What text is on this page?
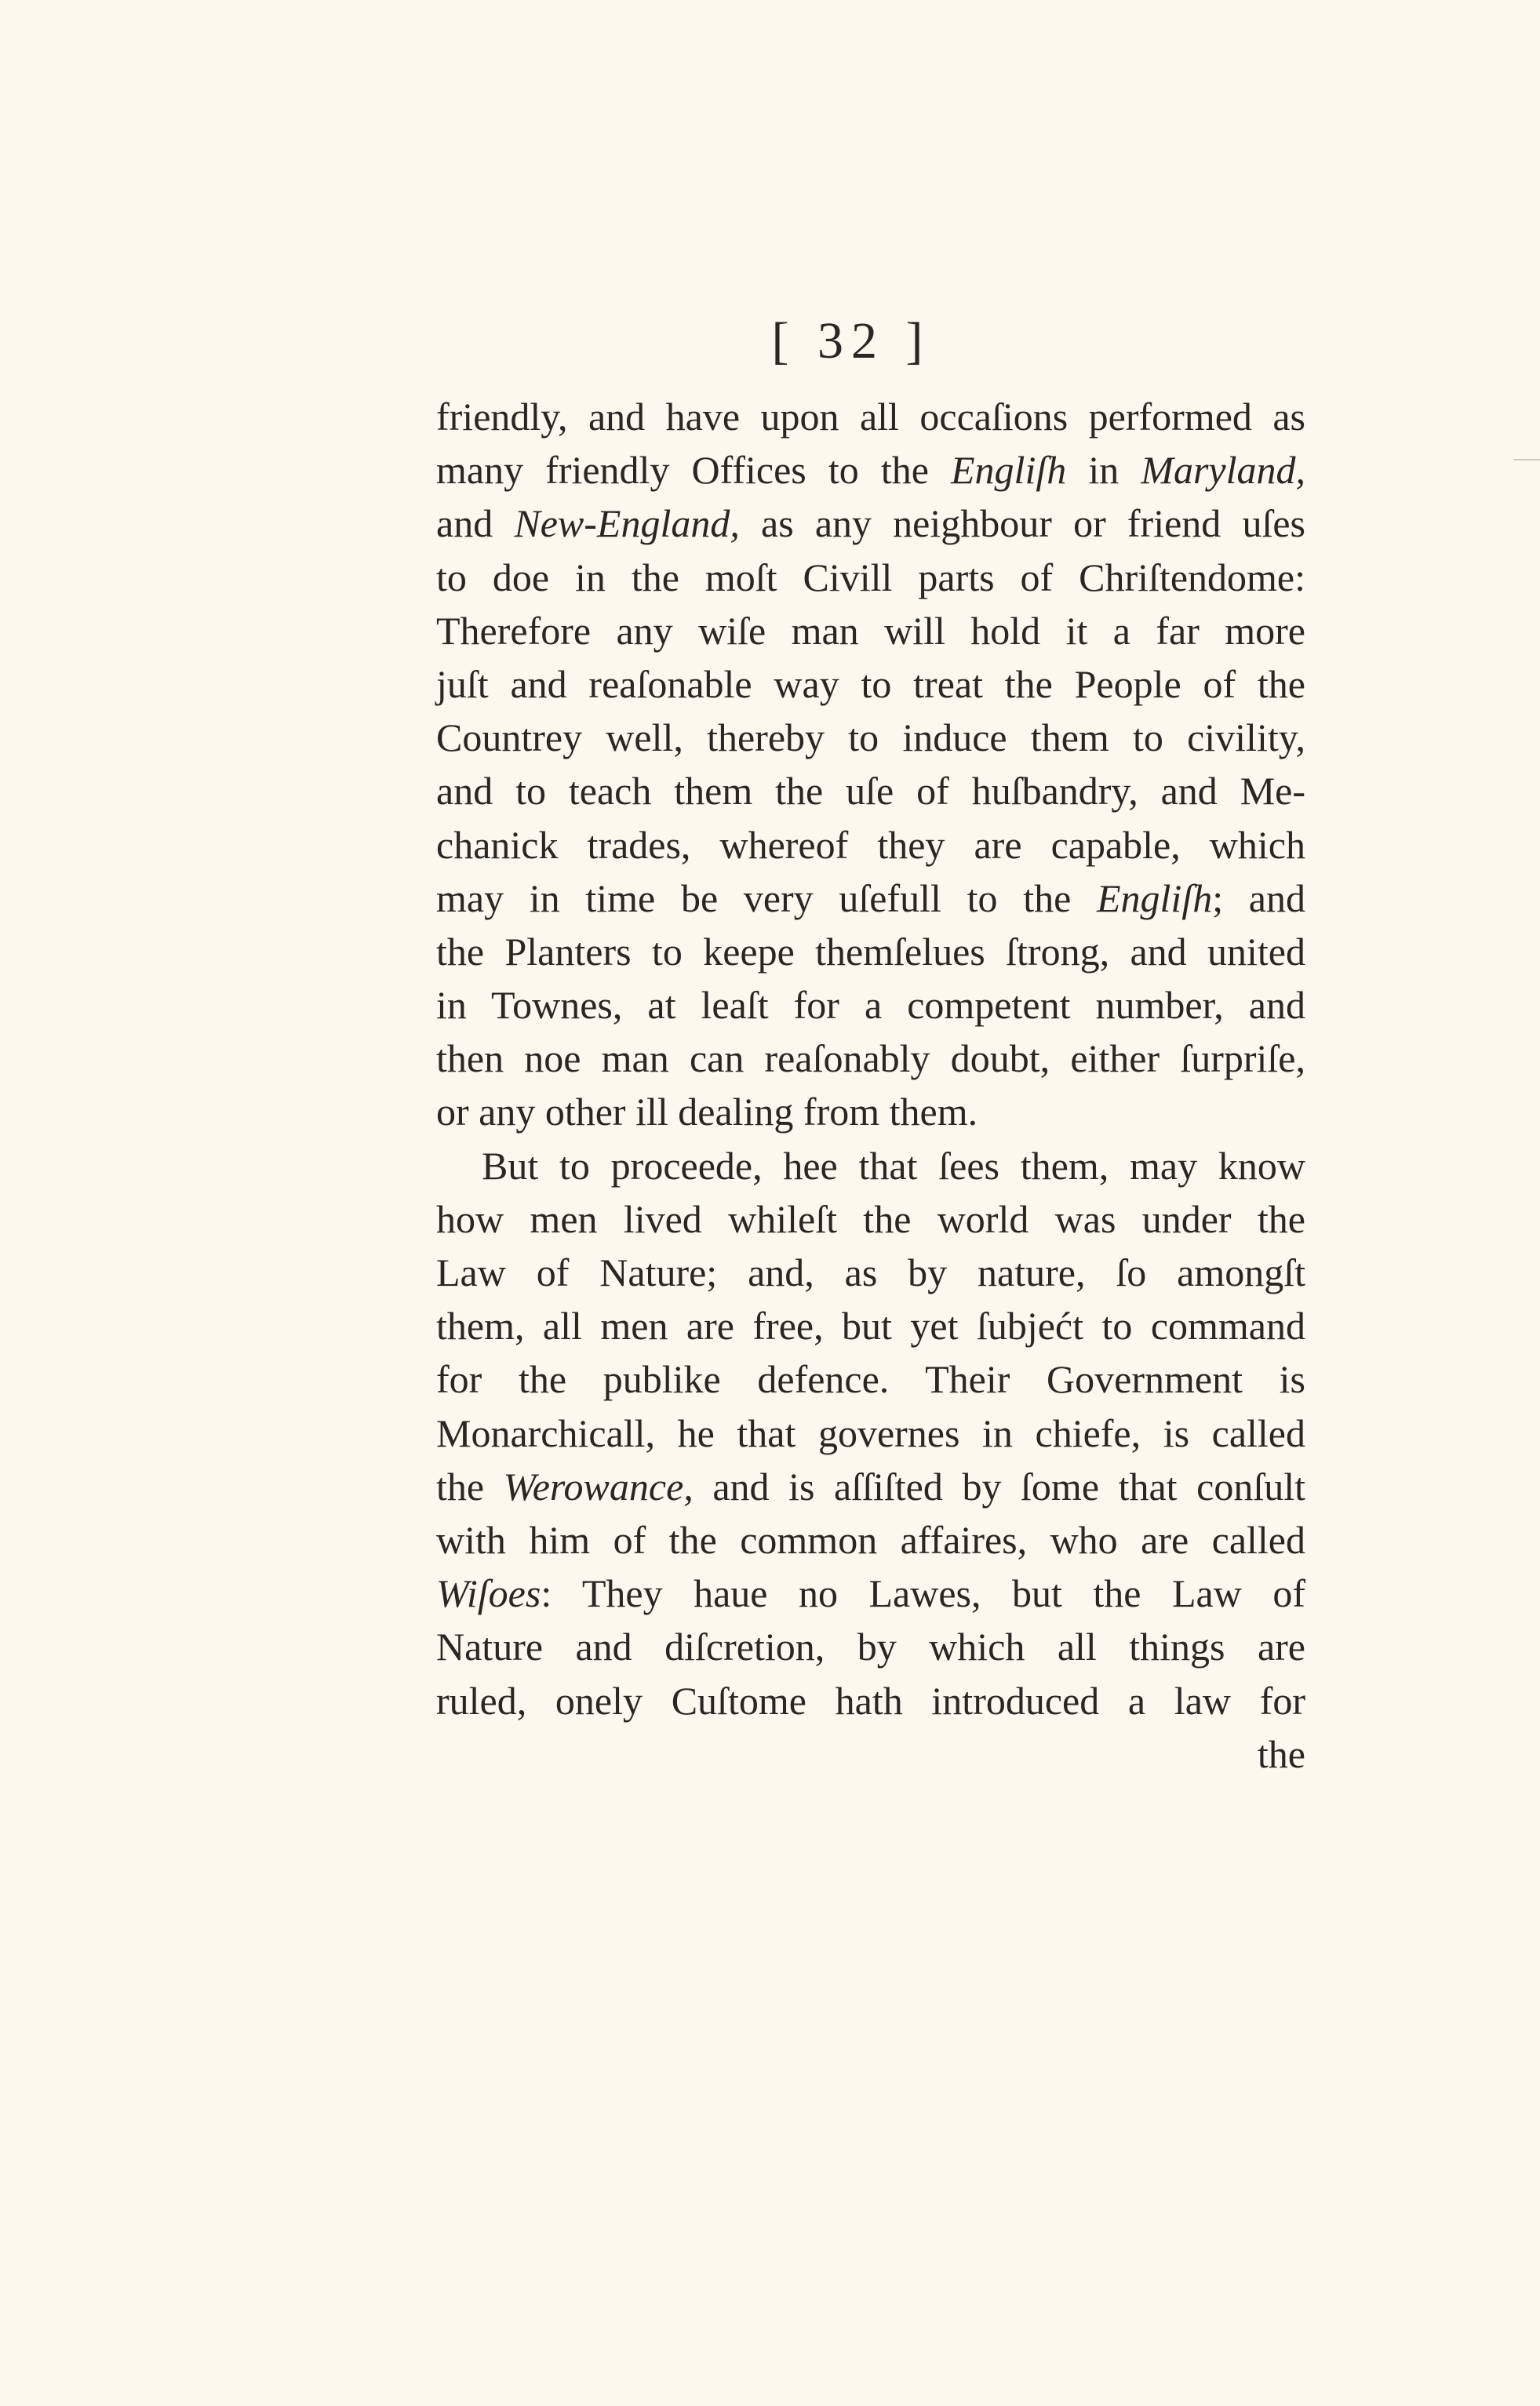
[ 32 ]
friendly, and have upon all occaſions performed as
many friendly Offices to the Engliſh in Maryland,
and New-England, as any neighbour or friend uſes
to doe in the moſt Civill parts of Chriſtendome:
Therefore any wiſe man will hold it a far more
juſt and reaſonable way to treat the People of the
Countrey well, thereby to induce them to civility,
and to teach them the uſe of huſbandry, and Me-
chanick trades, whereof they are capable, which
may in time be very uſefull to the Engliſh; and
the Planters to keepe themſelues ſtrong, and united
in Townes, at leaſt for a competent number, and
then noe man can reaſonably doubt, either ſurpriſe,
or any other ill dealing from them.
But to proceede, hee that ſees them, may know
how men lived whileſt the world was under the
Law of Nature; and, as by nature, ſo amongſt
them, all men are free, but yet ſubjećt to command
for the publike defence. Their Government is
Monarchicall, he that governes in chiefe, is called
the Werowance, and is aſſiſted by ſome that conſult
with him of the common affaires, who are called
Wiſoes: They haue no Lawes, but the Law of
Nature and diſcretion, by which all things are
ruled, onely Cuſtome hath introduced a law for
the
